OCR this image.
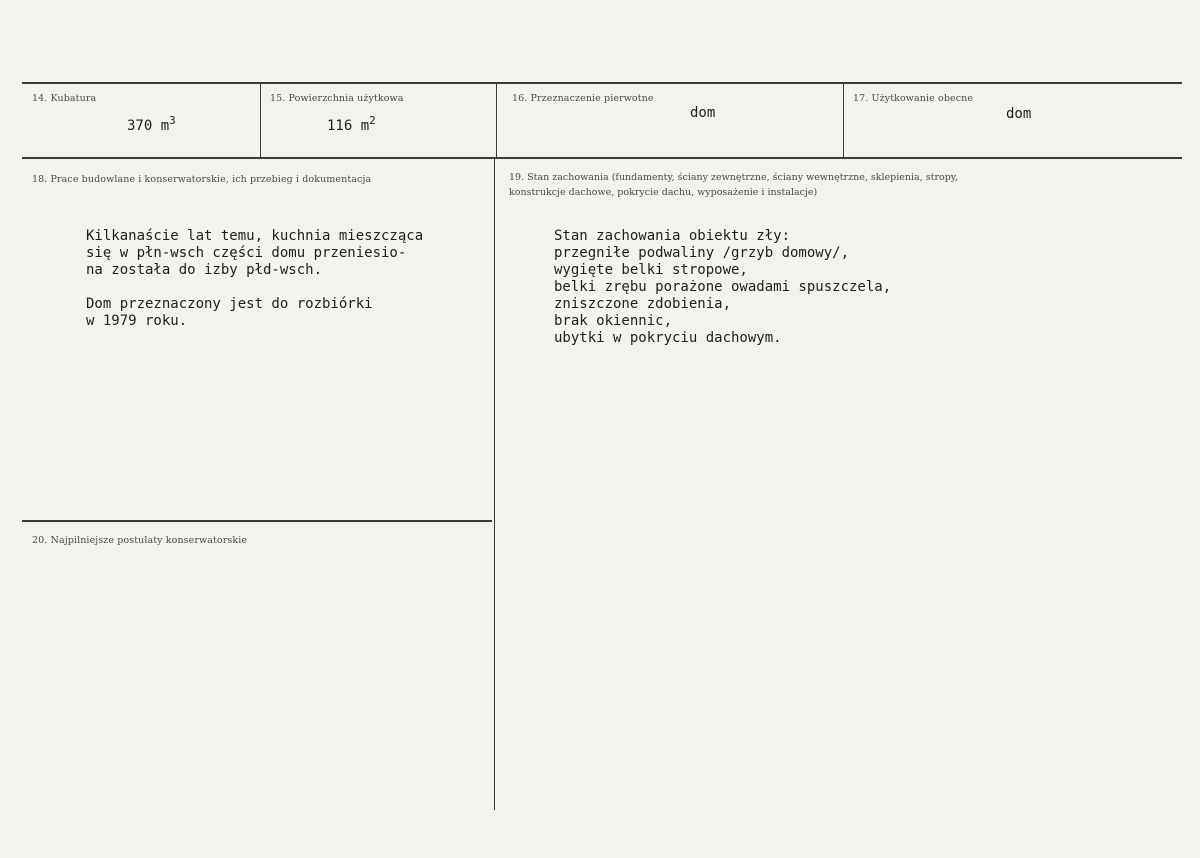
14. Kubatura
370 $m^3$
15. Powierzchnia użytkowa
116 $m^2$
16. Przeznaczenie pierwotne
dom
17. Użytkowanie obecne
dom
18. Prace budowlane i konserwatorskie, ich przebieg i dokumentacja
Kilkanaście lat temu, kuchnia mieszcząca
się w płn-wsch części domu przeniesio-
na została do izby płd-wsch.
Dom przeznaczony jest do rozbiórki
w 1979 roku.
19. Stan zachowania (fundamenty, ściany zewnętrzne, ściany wewnętrzne, sklepienia, stropy,
konstrukcje dachowe, pokrycie dachu, wyposażenie i instalacje)
Stan zachowania obiektu zły:
przegniłe podwaliny /grzyb domowy/,
wygięte belki stropowe,
belki zrębu porażone owadami spuszczela,
zniszczone zdobienia,
brak okiennic,
ubytki w pokryciu dachowym.
20. Najpilniejsze postulaty konserwatorskie
